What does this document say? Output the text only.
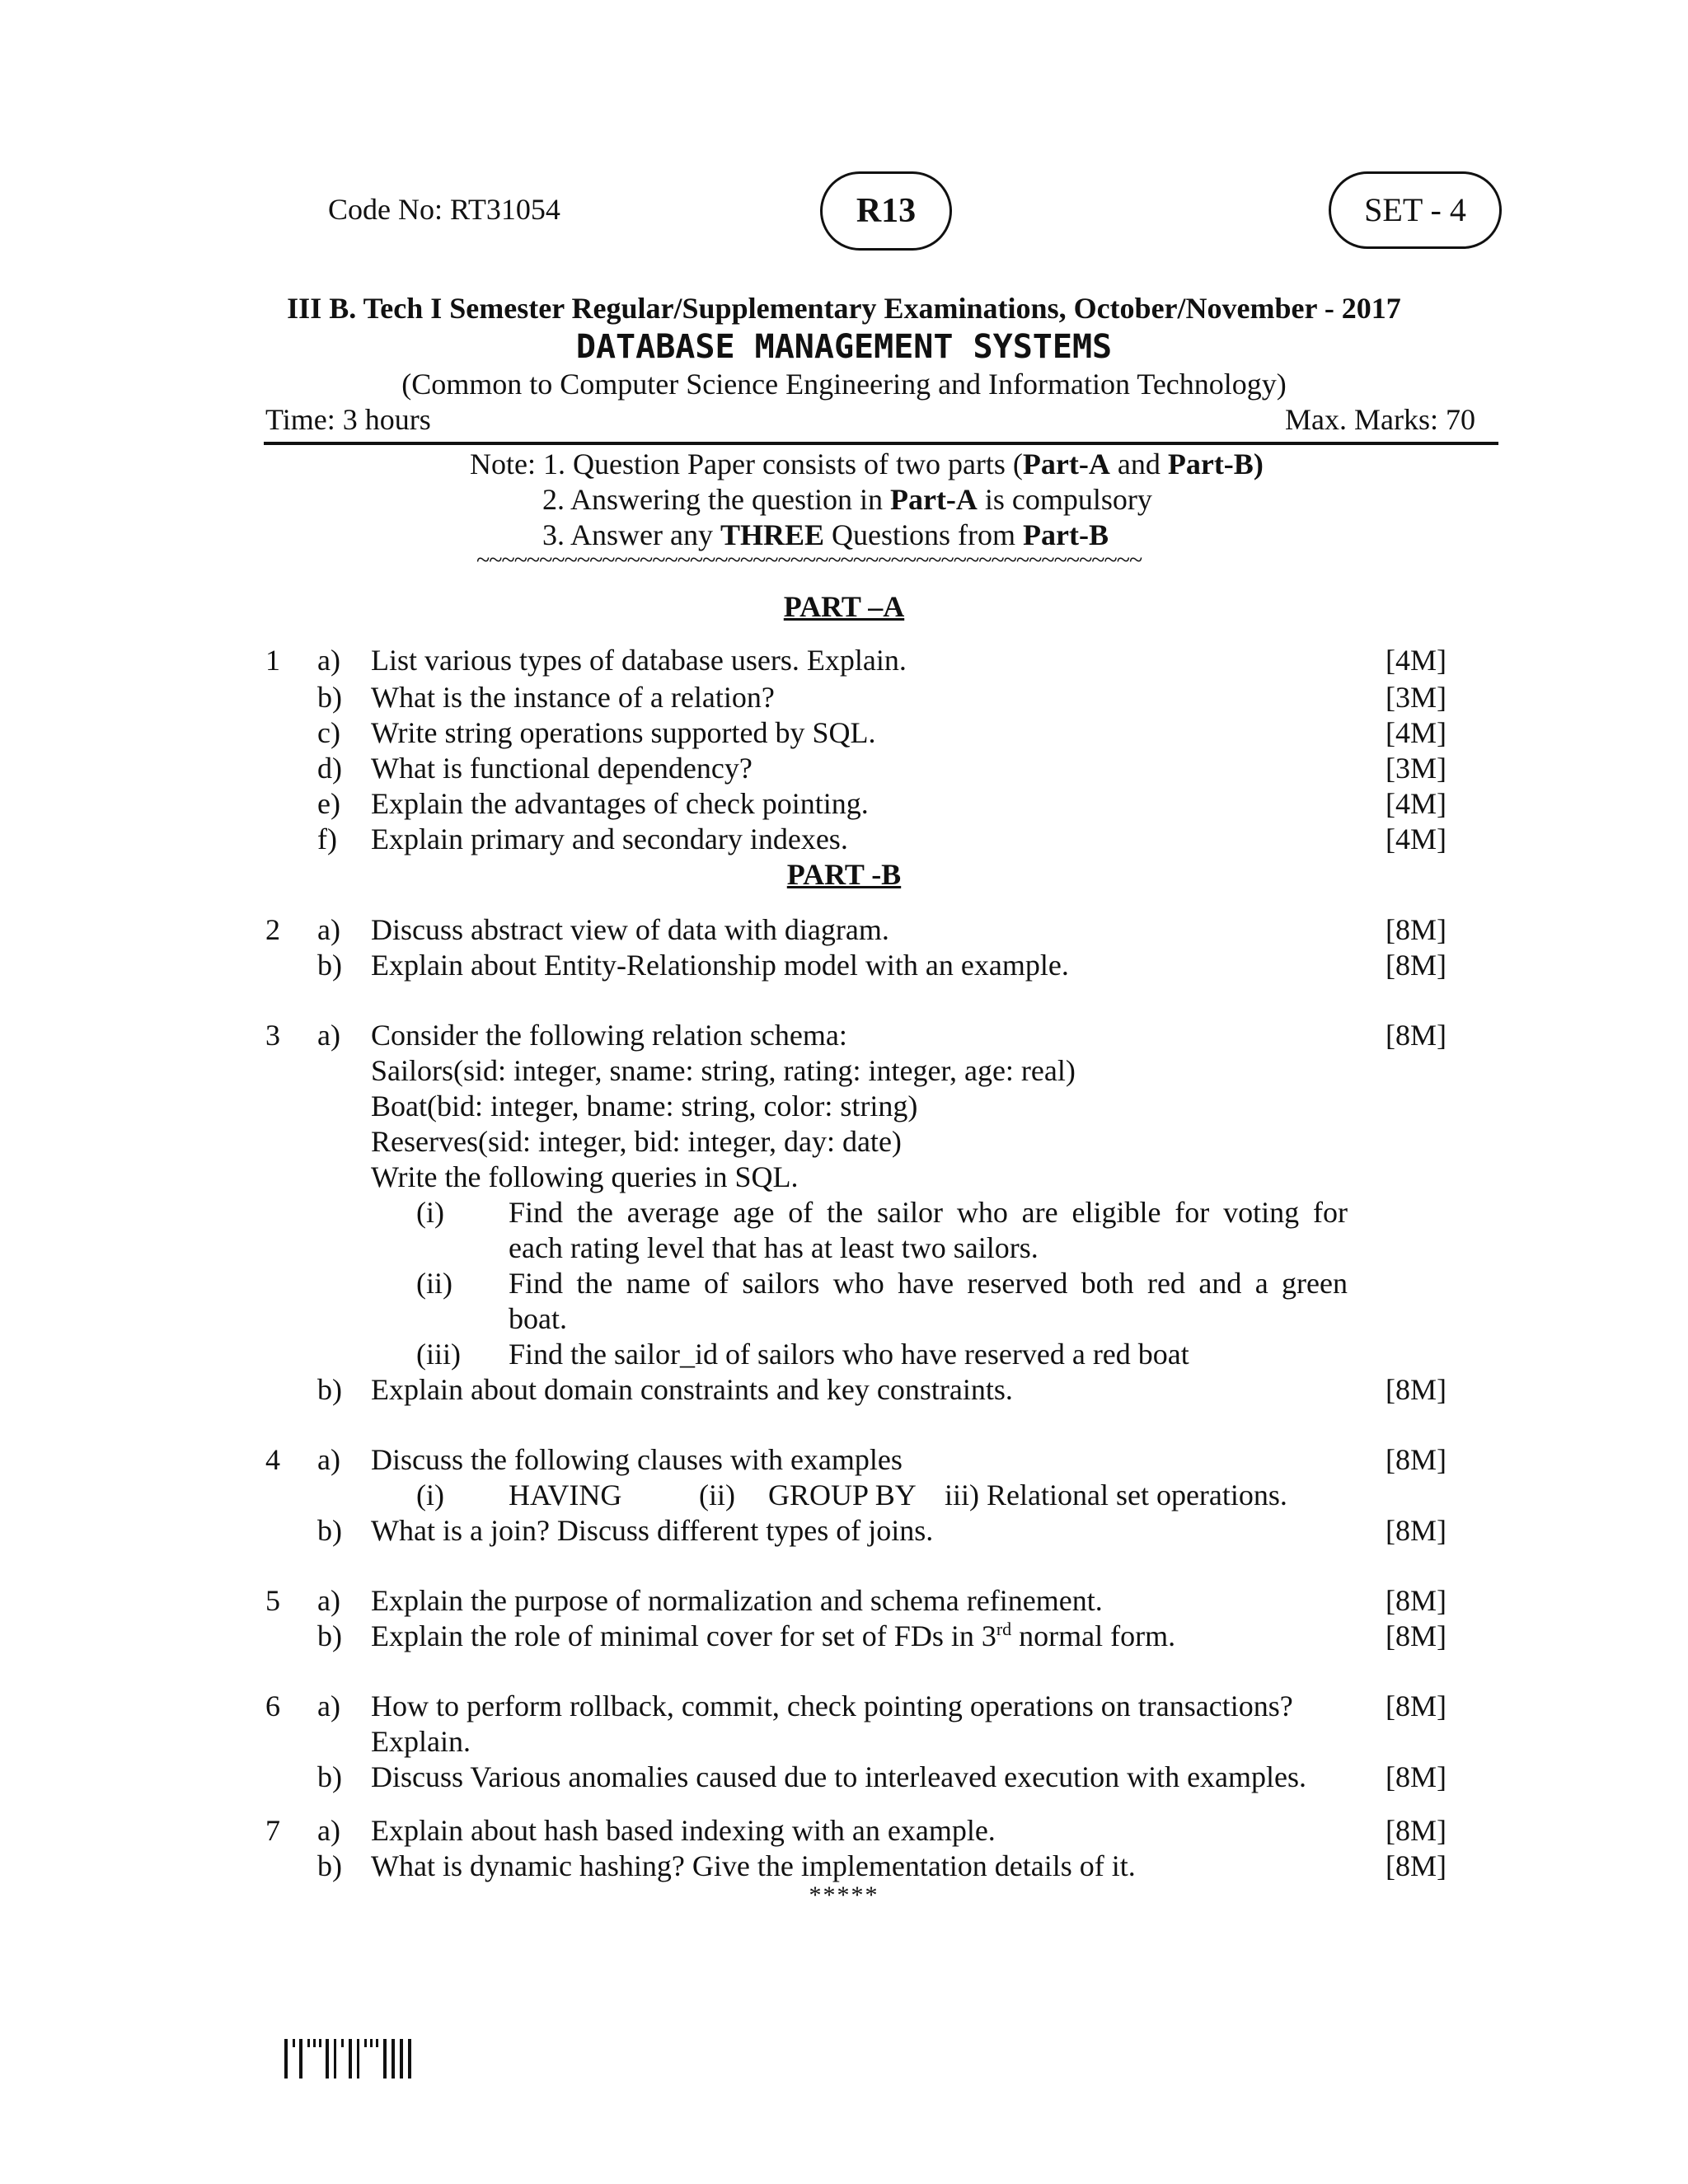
Code No: RT31054	R13	SET - 4
III B. Tech I Semester Regular/Supplementary Examinations, October/November - 2017
DATABASE MANAGEMENT SYSTEMS
(Common to Computer Science Engineering and Information Technology)
Time: 3 hours	Max. Marks: 70
Note: 1. Question Paper consists of two parts (Part-A and Part-B)
2. Answering the question in Part-A is compulsory
3. Answer any THREE Questions from Part-B
~~~~~~~~~~~~~~~~~~~~~~~~~~~~~~~~~~~~~~~~~~~~~~~~~~~~~
PART –A
1 a) List various types of database users. Explain.	[4M]
b) What is the instance of a relation?	[3M]
c) Write string operations supported by SQL.	[4M]
d) What is functional dependency?	[3M]
e) Explain the advantages of check pointing.	[4M]
f) Explain primary and secondary indexes.	[4M]
PART -B
2 a) Discuss abstract view of data with diagram.	[8M]
b) Explain about Entity-Relationship model with an example.	[8M]
3 a) Consider the following relation schema:	[8M]
Sailors(sid: integer, sname: string, rating: integer, age: real)
Boat(bid: integer, bname: string, color: string)
Reserves(sid: integer, bid: integer, day: date)
Write the following queries in SQL.
(i) Find the average age of the sailor who are eligible for voting for
each rating level that has at least two sailors.
(ii) Find the name of sailors who have reserved both red and a green
boat.
(iii) Find the sailor_id of sailors who have reserved a red boat
b) Explain about domain constraints and key constraints.	[8M]
4 a) Discuss the following clauses with examples	[8M]
(i) HAVING	(ii) GROUP BY iii) Relational set operations.
b) What is a join? Discuss different types of joins.	[8M]
5 a) Explain the purpose of normalization and schema refinement.	[8M]
b) Explain the role of minimal cover for set of FDs in 3rd normal form.	[8M]
6 a) How to perform rollback, commit, check pointing operations on transactions?	[8M]
Explain.
b) Discuss Various anomalies caused due to interleaved execution with examples.	[8M]
7 a) Explain about hash based indexing with an example.	[8M]
b) What is dynamic hashing? Give the implementation details of it.	[8M]
*****
